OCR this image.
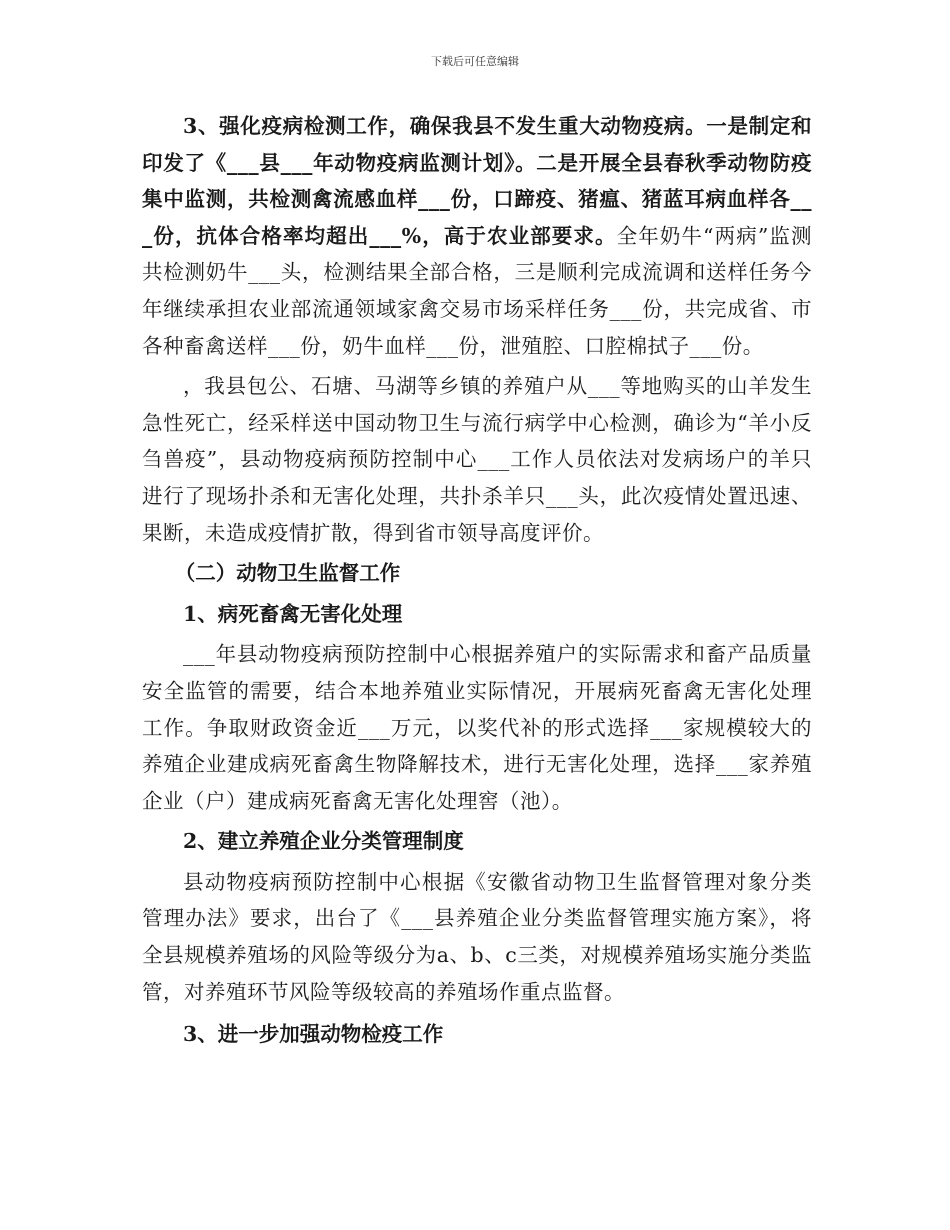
下载后可任意编辑

3、强化疫病检测工作，确保我县不发生重大动物疫病。一是制定和印发了《___县___年动物疫病监测计划》。二是开展全县春秋季动物防疫集中监测，共检测禽流感血样___份，口蹄疫、猪瘟、猪蓝耳病血样各___份，抗体合格率均超出___%，高于农业部要求。全年奶牛“两病”监测共检测奶牛___头，检测结果全部合格，三是顺利完成流调和送样任务今年继续承担农业部流通领域家禽交易市场采样任务___份，共完成省、市各种畜禽送样___份，奶牛血样___份，泄殖腔、口腔棉拭子___份。

，我县包公、石塘、马湖等乡镇的养殖户从___等地购买的山羊发生急性死亡，经采样送中国动物卫生与流行病学中心检测，确诊为“羊小反刍兽疫”，县动物疫病预防控制中心___工作人员依法对发病场户的羊只进行了现场扑杀和无害化处理，共扑杀羊只___头，此次疫情处置迅速、果断，未造成疫情扩散，得到省市领导高度评价。

（二）动物卫生监督工作

1、病死畜禽无害化处理

___年县动物疫病预防控制中心根据养殖户的实际需求和畜产品质量安全监管的需要，结合本地养殖业实际情况，开展病死畜禽无害化处理工作。争取财政资金近___万元，以奖代补的形式选择___家规模较大的养殖企业建成病死畜禽生物降解技术，进行无害化处理，选择___家养殖企业（户）建成病死畜禽无害化处理窖（池）。

2、建立养殖企业分类管理制度

县动物疫病预防控制中心根据《安徽省动物卫生监督管理对象分类管理办法》要求，出台了《___县养殖企业分类监督管理实施方案》，将全县规模养殖场的风险等级分为a、b、c三类，对规模养殖场实施分类监管，对养殖环节风险等级较高的养殖场作重点监督。

3、进一步加强动物检疫工作
